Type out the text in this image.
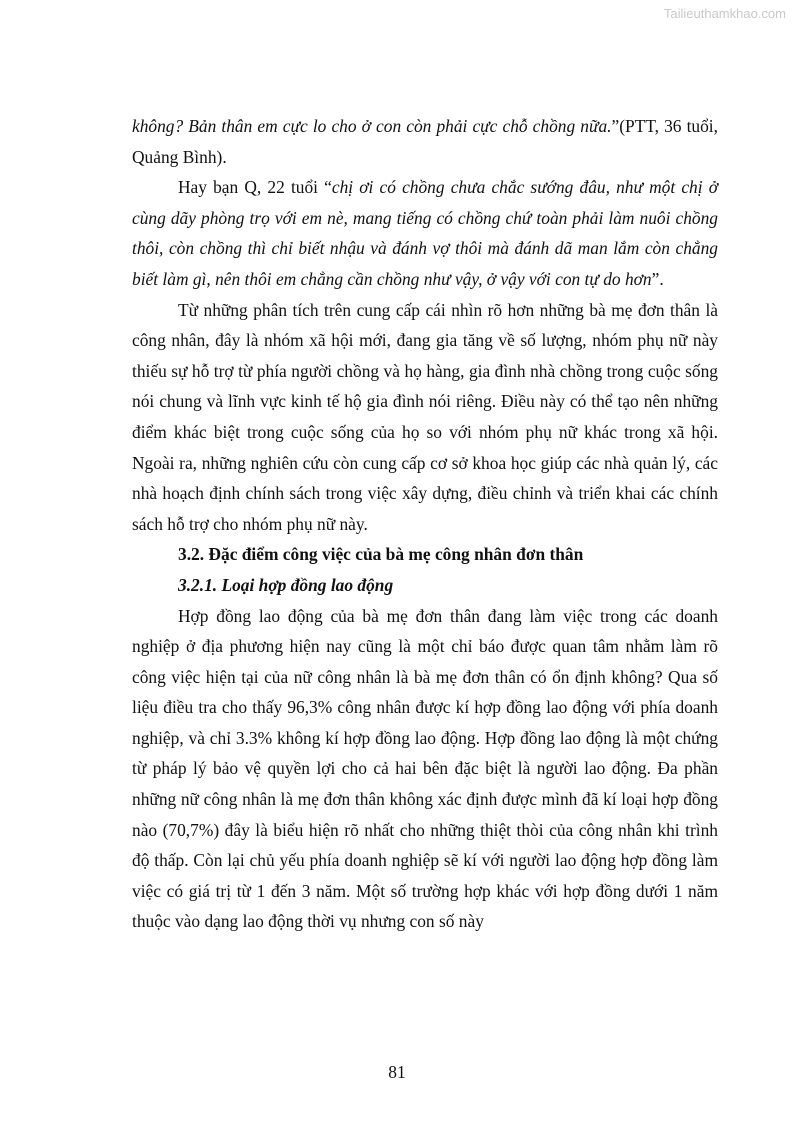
Tailieuthamkhao.com

không? Bản thân em cực lo cho ở con còn phải cực chỗ chồng nữa.”(PTT, 36 tuổi, Quảng Bình).

Hay bạn Q, 22 tuổi “chị ơi có chồng chưa chắc sướng đâu, như một chị ở cùng dãy phòng trọ với em nè, mang tiếng có chồng chứ toàn phải làm nuôi chồng thôi, còn chồng thì chỉ biết nhậu và đánh vợ thôi mà đánh dã man lắm còn chẳng biết làm gì, nên thôi em chẳng cần chồng như vậy, ở vậy với con tự do hơn”.

Từ những phân tích trên cung cấp cái nhìn rõ hơn những bà mẹ đơn thân là công nhân, đây là nhóm xã hội mới, đang gia tăng về số lượng, nhóm phụ nữ này thiếu sự hỗ trợ từ phía người chồng và họ hàng, gia đình nhà chồng trong cuộc sống nói chung và lĩnh vực kinh tế hộ gia đình nói riêng. Điều này có thể tạo nên những điểm khác biệt trong cuộc sống của họ so với nhóm phụ nữ khác trong xã hội. Ngoài ra, những nghiên cứu còn cung cấp cơ sở khoa học giúp các nhà quản lý, các nhà hoạch định chính sách trong việc xây dựng, điều chỉnh và triển khai các chính sách hỗ trợ cho nhóm phụ nữ này.

3.2. Đặc điểm công việc của bà mẹ công nhân đơn thân

3.2.1. Loại hợp đồng lao động

Hợp đồng lao động của bà mẹ đơn thân đang làm việc trong các doanh nghiệp ở địa phương hiện nay cũng là một chỉ báo được quan tâm nhằm làm rõ công việc hiện tại của nữ công nhân là bà mẹ đơn thân có ổn định không? Qua số liệu điều tra cho thấy 96,3% công nhân được kí hợp đồng lao động với phía doanh nghiệp, và chỉ 3.3% không kí hợp đồng lao động. Hợp đồng lao động là một chứng từ pháp lý bảo vệ quyền lợi cho cả hai bên đặc biệt là người lao động. Đa phần những nữ công nhân là mẹ đơn thân không xác định được mình đã kí loại hợp đồng nào (70,7%) đây là biểu hiện rõ nhất cho những thiệt thòi của công nhân khi trình độ thấp. Còn lại chủ yếu phía doanh nghiệp sẽ kí với người lao động hợp đồng làm việc có giá trị từ 1 đến 3 năm. Một số trường hợp khác với hợp đồng dưới 1 năm thuộc vào dạng lao động thời vụ nhưng con số này

81
